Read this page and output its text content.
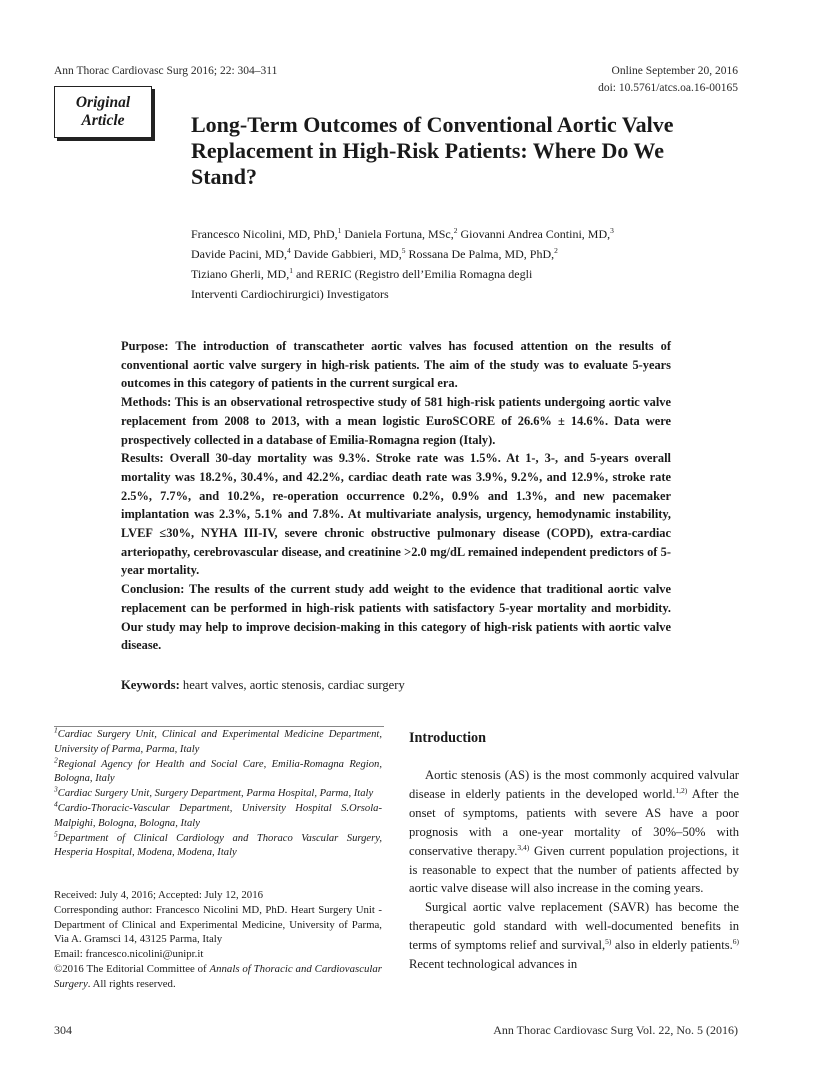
Ann Thorac Cardiovasc Surg 2016; 22: 304–311	Online September 20, 2016
doi: 10.5761/atcs.oa.16-00165
Original
Article	Long-Term Outcomes of Conventional Aortic Valve Replacement in High-Risk Patients: Where Do We Stand?
Francesco Nicolini, MD, PhD,$^1$ Daniela Fortuna, MSc,$^2$ Giovanni Andrea Contini, MD,$^3$
Davide Pacini, MD,$^4$ Davide Gabbieri, MD,$^5$ Rossana De Palma, MD, PhD,$^2$
Tiziano Gherli, MD,$^1$ and RERIC (Registro dell’Emilia Romagna degli
Interventi Cardiochirurgici) Investigators
Purpose: The introduction of transcatheter aortic valves has focused attention on the results of conventional aortic valve surgery in high-risk patients. The aim of the study was to evaluate 5-years outcomes in this category of patients in the current surgical era.
Methods: This is an observational retrospective study of 581 high-risk patients undergoing aortic valve replacement from 2008 to 2013, with a mean logistic EuroSCORE of 26.6% ± 14.6%. Data were prospectively collected in a database of Emilia-Romagna region (Italy).
Results: Overall 30-day mortality was 9.3%. Stroke rate was 1.5%. At 1-, 3-, and 5-years overall mortality was 18.2%, 30.4%, and 42.2%, cardiac death rate was 3.9%, 9.2%, and 12.9%, stroke rate 2.5%, 7.7%, and 10.2%, re-operation occurrence 0.2%, 0.9% and 1.3%, and new pacemaker implantation was 2.3%, 5.1% and 7.8%. At multivariate analysis, urgency, hemodynamic instability, LVEF ≤30%, NYHA III-IV, severe chronic obstructive pulmonary disease (COPD), extra-cardiac arteriopathy, cerebrovascular disease, and creatinine >2.0 mg/dL remained independent predictors of 5-year mortality.
Conclusion: The results of the current study add weight to the evidence that traditional aortic valve replacement can be performed in high-risk patients with satisfactory 5-year mortality and morbidity. Our study may help to improve decision-making in this category of high-risk patients with aortic valve disease.
Keywords: heart valves, aortic stenosis, cardiac surgery

$^1$Cardiac Surgery Unit, Clinical and Experimental Medicine Department, University of Parma, Parma, Italy

$^2$Regional Agency for Health and Social Care, Emilia-Romagna Region, Bologna, Italy

$^3$Cardiac Surgery Unit, Surgery Department, Parma Hospital, Parma, Italy

$^4$Cardio-Thoracic-Vascular Department, University Hospital S.Orsola-Malpighi, Bologna, Bologna, Italy

$^5$Department of Clinical Cardiology and Thoraco Vascular Surgery, Hesperia Hospital, Modena, Modena, Italy

Received: July 4, 2016; Accepted: July 12, 2016

Corresponding author: Francesco Nicolini MD, PhD. Heart Surgery Unit - Department of Clinical and Experimental Medicine, University of Parma, Via A. Gramsci 14, 43125 Parma, Italy

Email: francesco.nicolini@unipr.it

©2016 The Editorial Committee of Annals of Thoracic and Cardiovascular Surgery. All rights reserved.

Introduction

Aortic stenosis (AS) is the most commonly acquired valvular disease in elderly patients in the developed world.$^{1,2)}$ After the onset of symptoms, patients with severe AS have a poor prognosis with a one-year mortality of 30%–50% with conservative therapy.$^{3,4)}$ Given current population projections, it is reasonable to expect that the number of patients affected by aortic valve disease will also increase in the coming years.

Surgical aortic valve replacement (SAVR) has become the therapeutic gold standard with well-documented benefits in terms of symptoms relief and survival,$^{5)}$ also in elderly patients.$^{6)}$ Recent technological advances in

304	Ann Thorac Cardiovasc Surg Vol. 22, No. 5 (2016)
